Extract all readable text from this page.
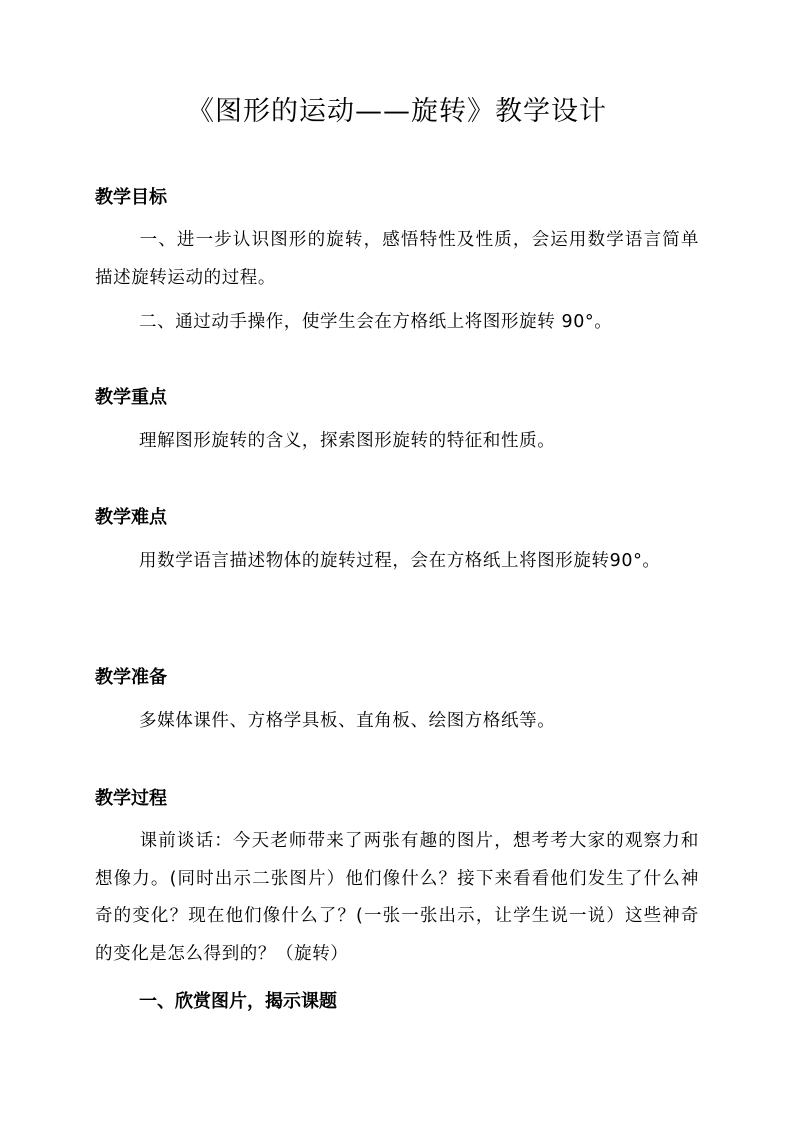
《图形的运动——旋转》教学设计
教学目标
一、进一步认识图形的旋转，感悟特性及性质，会运用数学语言简单描述旋转运动的过程。
二、通过动手操作，使学生会在方格纸上将图形旋转 90°。
教学重点
理解图形旋转的含义，探索图形旋转的特征和性质。
教学难点
用数学语言描述物体的旋转过程，会在方格纸上将图形旋转90°。
教学准备
多媒体课件、方格学具板、直角板、绘图方格纸等。
教学过程
课前谈话：今天老师带来了两张有趣的图片，想考考大家的观察力和想像力。(同时出示二张图片）他们像什么？接下来看看他们发生了什么神奇的变化？现在他们像什么了？(一张一张出示，让学生说一说）这些神奇的变化是怎么得到的？（旋转）
一、欣赏图片，揭示课题
